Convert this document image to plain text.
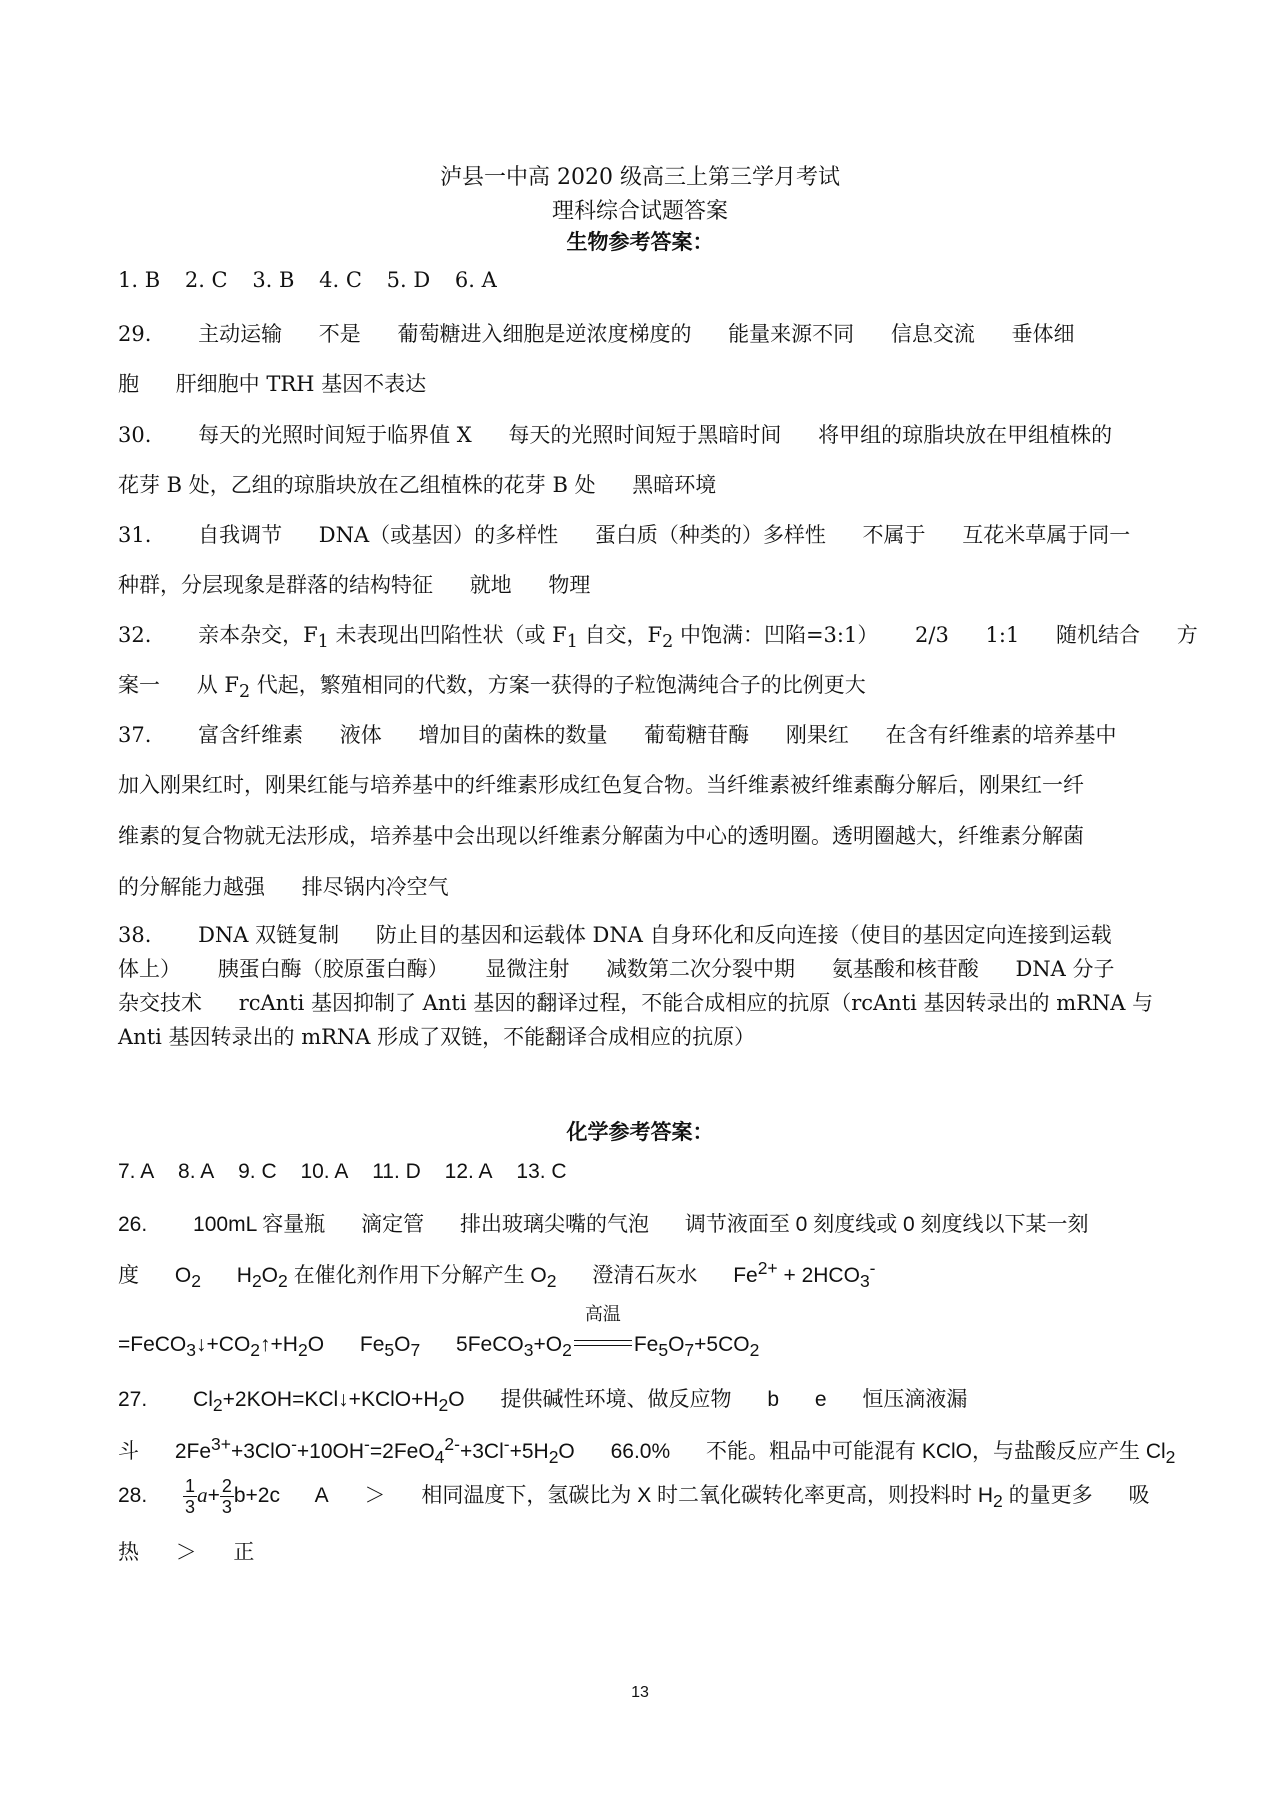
泸县一中高 2020 级高三上第三学月考试
理科综合试题答案
生物参考答案：
1. B 2. C 3. B 4. C 5. D 6. A
29. 主动运输 不是 葡萄糖进入细胞是逆浓度梯度的 能量来源不同 信息交流 垂体细
胞 肝细胞中 TRH 基因不表达
30. 每天的光照时间短于临界值 X 每天的光照时间短于黑暗时间 将甲组的琼脂块放在甲组植株的
花芽 B 处，乙组的琼脂块放在乙组植株的花芽 B 处 黑暗环境
31. 自我调节 DNA（或基因）的多样性 蛋白质（种类的）多样性 不属于 互花米草属于同一
种群，分层现象是群落的结构特征 就地 物理
32. 亲本杂交，$F_1$ 未表现出凹陷性状（或 $F_1$ 自交，$F_2$ 中饱满：凹陷=3:1） 2/3 1:1 随机结合 方
案一 从 $F_2$ 代起，繁殖相同的代数，方案一获得的子粒饱满纯合子的比例更大
37. 富含纤维素 液体 增加目的菌株的数量 葡萄糖苷酶 刚果红 在含有纤维素的培养基中
加入刚果红时，刚果红能与培养基中的纤维素形成红色复合物。当纤维素被纤维素酶分解后，刚果红一纤
维素的复合物就无法形成，培养基中会出现以纤维素分解菌为中心的透明圈。透明圈越大，纤维素分解菌
的分解能力越强 排尽锅内冷空气
38. DNA 双链复制 防止目的基因和运载体 DNA 自身环化和反向连接（使目的基因定向连接到运载
体上） 胰蛋白酶（胶原蛋白酶） 显微注射 减数第二次分裂中期 氨基酸和核苷酸 DNA 分子
杂交技术 rcAnti 基因抑制了 Anti 基因的翻译过程，不能合成相应的抗原（rcAnti 基因转录出的 mRNA 与
Anti 基因转录出的 mRNA 形成了双链，不能翻译合成相应的抗原）
化学参考答案：
7. A 8. A 9. C 10. A 11. D 12. A 13. C
26. 100mL 容量瓶 滴定管 排出玻璃尖嘴的气泡 调节液面至 0 刻度线或 0 刻度线以下某一刻
度 $O_2$ $H_2O_2$ 在催化剂作用下分解产生 $O_2$ 澄清石灰水 $Fe^{2+} + 2HCO_3^-$
$=FeCO_3↓+CO_2↑+H_2O$ $Fe_5O_7$ $5FeCO_3+O_2$
高温
$Fe_5O_7+5CO_2$
27. $Cl_2+2KOH=KCl↓+KClO+H_2O$ 提供碱性环境、做反应物 b e 恒压滴液漏
斗 $2Fe^{3+}+3ClO^-+10OH^-=2FeO_4^{2-}+3Cl^-+5H_2O$ 66.0% 不能。粗品中可能混有 KClO，与盐酸反应产生 $Cl_2$
28. $\frac{1}{3} a+ \frac{2}{3} b+2c$ A ＞ 相同温度下，氢碳比为 X 时二氧化碳转化率更高，则投料时 $H_2$ 的量更多 吸
热 ＞ 正
13
